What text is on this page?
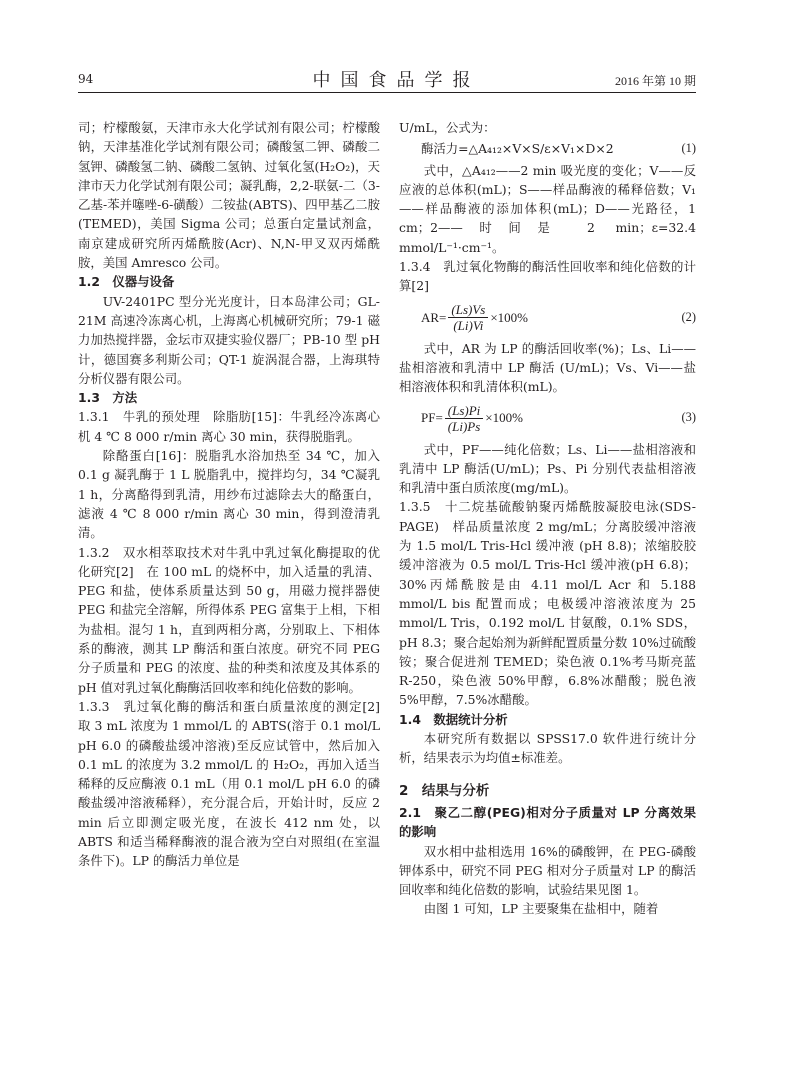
94	中国食品学报	2016 年第 10 期

司；柠檬酸氨，天津市永大化学试剂有限公司；柠檬酸钠，天津基准化学试剂有限公司；磷酸氢二钾、磷酸二氢钾、磷酸氢二钠、磷酸二氢钠、过氧化氢(H₂O₂)，天津市天力化学试剂有限公司；凝乳酶，2,2-联氨-二（3-乙基-苯并噻唑-6-磺酸）二铵盐(ABTS)、四甲基乙二胺(TEMED)，美国 Sigma 公司；总蛋白定量试剂盒，南京建成研究所丙烯酰胺(Acr)、N,N-甲叉双丙烯酰胺，美国 Amresco 公司。

1.2　仪器与设备

UV-2401PC 型分光光度计，日本岛津公司；GL-21M 高速冷冻离心机，上海离心机械研究所；79-1 磁力加热搅拌器，金坛市双捷实验仪器厂；PB-10 型 pH 计，德国赛多利斯公司；QT-1 旋涡混合器，上海琪特分析仪器有限公司。

1.3　方法

1.3.1　牛乳的预处理　除脂肪[15]：牛乳经冷冻离心机 4 ℃ 8 000 r/min 离心 30 min，获得脱脂乳。

除酪蛋白[16]：脱脂乳水浴加热至 34 ℃，加入 0.1 g 凝乳酶于 1 L 脱脂乳中，搅拌均匀，34 ℃凝乳 1 h，分离酪得到乳清，用纱布过滤除去大的酪蛋白，滤液 4 ℃ 8 000 r/min 离心 30 min，得到澄清乳清。

1.3.2　双水相萃取技术对牛乳中乳过氧化酶提取的优化研究[2]　在 100 mL 的烧杯中，加入适量的乳清、PEG 和盐，使体系质量达到 50 g，用磁力搅拌器使 PEG 和盐完全溶解，所得体系 PEG 富集于上相，下相为盐相。混匀 1 h，直到两相分离，分别取上、下相体系的酶液，测其 LP 酶活和蛋白浓度。研究不同 PEG 分子质量和 PEG 的浓度、盐的种类和浓度及其体系的 pH 值对乳过氧化酶酶活回收率和纯化倍数的影响。

1.3.3　乳过氧化酶的酶活和蛋白质量浓度的测定[2]　取 3 mL 浓度为 1 mmol/L 的 ABTS(溶于 0.1 mol/L pH 6.0 的磷酸盐缓冲溶液)至反应试管中，然后加入 0.1 mL 的浓度为 3.2 mmol/L 的 H₂O₂，再加入适当稀释的反应酶液 0.1 mL（用 0.1 mol/L pH 6.0 的磷酸盐缓冲溶液稀释），充分混合后，开始计时，反应 2 min 后立即测定吸光度，在波长 412 nm 处，以 ABTS 和适当稀释酶液的混合液为空白对照组(在室温条件下)。LP 的酶活力单位是

U/mL，公式为：

酶活力=△A₄₁₂×V×S/ε×V₁×D×2	(1)

式中，△A₄₁₂——2 min 吸光度的变化；V——反应液的总体积(mL)；S——样品酶液的稀释倍数；V₁——样品酶液的添加体积(mL)；D——光路径，1 cm；2——时间是 2 min；ε=32.4 mmol/L⁻¹·cm⁻¹。

1.3.4　乳过氧化物酶的酶活性回收率和纯化倍数的计算[2]

$AR= \frac{(Ls)Vs}{(Li)Vi} \times 100\%$	(2)

式中，AR 为 LP 的酶活回收率(%)；Ls、Li——盐相溶液和乳清中 LP 酶活 (U/mL)；Vs、Vi——盐相溶液体积和乳清体积(mL)。

$PF= \frac{(Ls)Pi}{(Li)Ps} \times 100\%$	(3)

式中，PF——纯化倍数；Ls、Li——盐相溶液和乳清中 LP 酶活(U/mL)；Ps、Pi 分别代表盐相溶液和乳清中蛋白质浓度(mg/mL)。

1.3.5　十二烷基硫酸钠聚丙烯酰胺凝胶电泳(SDS-PAGE)　样品质量浓度 2 mg/mL；分离胶缓冲溶液为 1.5 mol/L Tris-Hcl 缓冲液 (pH 8.8)；浓缩胶胶缓冲溶液为 0.5 mol/L Tris-Hcl 缓冲液(pH 6.8)；30%丙烯酰胺是由 4.11 mol/L Acr 和 5.188 mmol/L bis 配置而成；电极缓冲溶液浓度为 25 mmol/L Tris，0.192 mol/L 甘氨酸，0.1% SDS，pH 8.3；聚合起始剂为新鲜配置质量分数 10%过硫酸铵；聚合促进剂 TEMED；染色液 0.1%考马斯亮蓝 R-250，染色液 50%甲醇，6.8%冰醋酸；脱色液 5%甲醇，7.5%冰醋酸。

1.4　数据统计分析

本研究所有数据以 SPSS17.0 软件进行统计分析，结果表示为均值±标准差。

2　结果与分析

2.1　聚乙二醇(PEG)相对分子质量对 LP 分离效果的影响

双水相中盐相选用 16%的磷酸钾，在 PEG-磷酸钾体系中，研究不同 PEG 相对分子质量对 LP 的酶活回收率和纯化倍数的影响，试验结果见图 1。

由图 1 可知，LP 主要聚集在盐相中，随着
